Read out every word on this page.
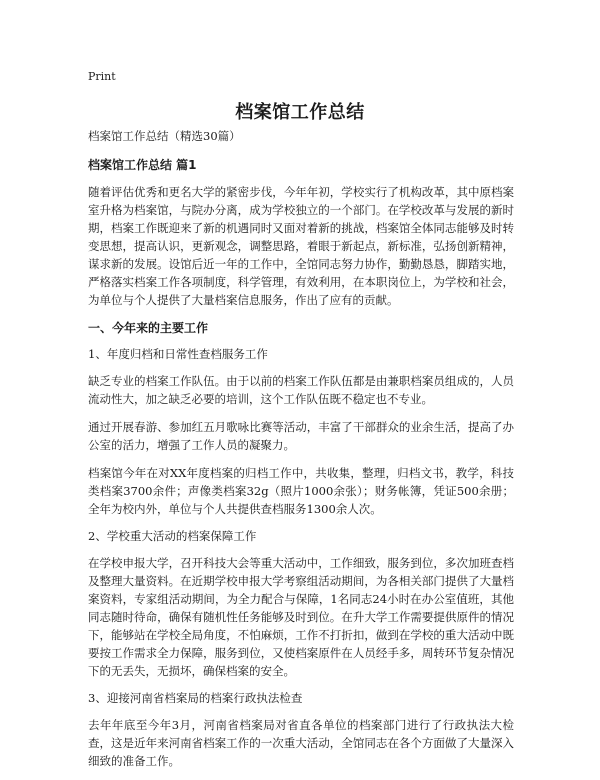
Print
档案馆工作总结
档案馆工作总结（精选30篇）
档案馆工作总结 篇1

随着评估优秀和更名大学的紧密步伐，今年年初，学校实行了机构改革，其中原档案室升格为档案馆，与院办分离，成为学校独立的一个部门。在学校改革与发展的新时期，档案工作既迎来了新的机遇同时又面对着新的挑战，档案馆全体同志能够及时转变思想，提高认识，更新观念，调整思路，着眼于新起点，新标准，弘扬创新精神，谋求新的发展。设馆后近一年的工作中，全馆同志努力协作，勤勤恳恳，脚踏实地，严格落实档案工作各项制度，科学管理，有效利用，在本职岗位上，为学校和社会，为单位与个人提供了大量档案信息服务，作出了应有的贡献。

一、今年来的主要工作
1、年度归档和日常性查档服务工作

缺乏专业的档案工作队伍。由于以前的档案工作队伍都是由兼职档案员组成的，人员流动性大，加之缺乏必要的培训，这个工作队伍既不稳定也不专业。

通过开展春游、参加红五月歌咏比赛等活动，丰富了干部群众的业余生活，提高了办公室的活力，增强了工作人员的凝聚力。

档案馆今年在对XX年度档案的归档工作中，共收集，整理，归档文书，教学，科技类档案3700余件；声像类档案32g（照片1000余张）；财务帐簿，凭证500余册；全年为校内外，单位与个人共提供查档服务1300余人次。

2、学校重大活动的档案保障工作

在学校申报大学，召开科技大会等重大活动中，工作细致，服务到位，多次加班查档及整理大量资料。在近期学校申报大学考察组活动期间，为各相关部门提供了大量档案资料，专家组活动期间，为全力配合与保障，1名同志24小时在办公室值班，其他同志随时待命，确保有随机性任务能够及时到位。在升大学工作需要提供原件的情况下，能够站在学校全局角度，不怕麻烦，工作不打折扣，做到在学校的重大活动中既要按工作需求全力保障，服务到位，又使档案原件在人员经手多，周转环节复杂情况下的无丢失，无损坏，确保档案的安全。

3、迎接河南省档案局的档案行政执法检查

去年年底至今年3月，河南省档案局对省直各单位的档案部门进行了行政执法大检查，这是近年来河南省档案工作的一次重大活动，全馆同志在各个方面做了大量深入细致的准备工作。
